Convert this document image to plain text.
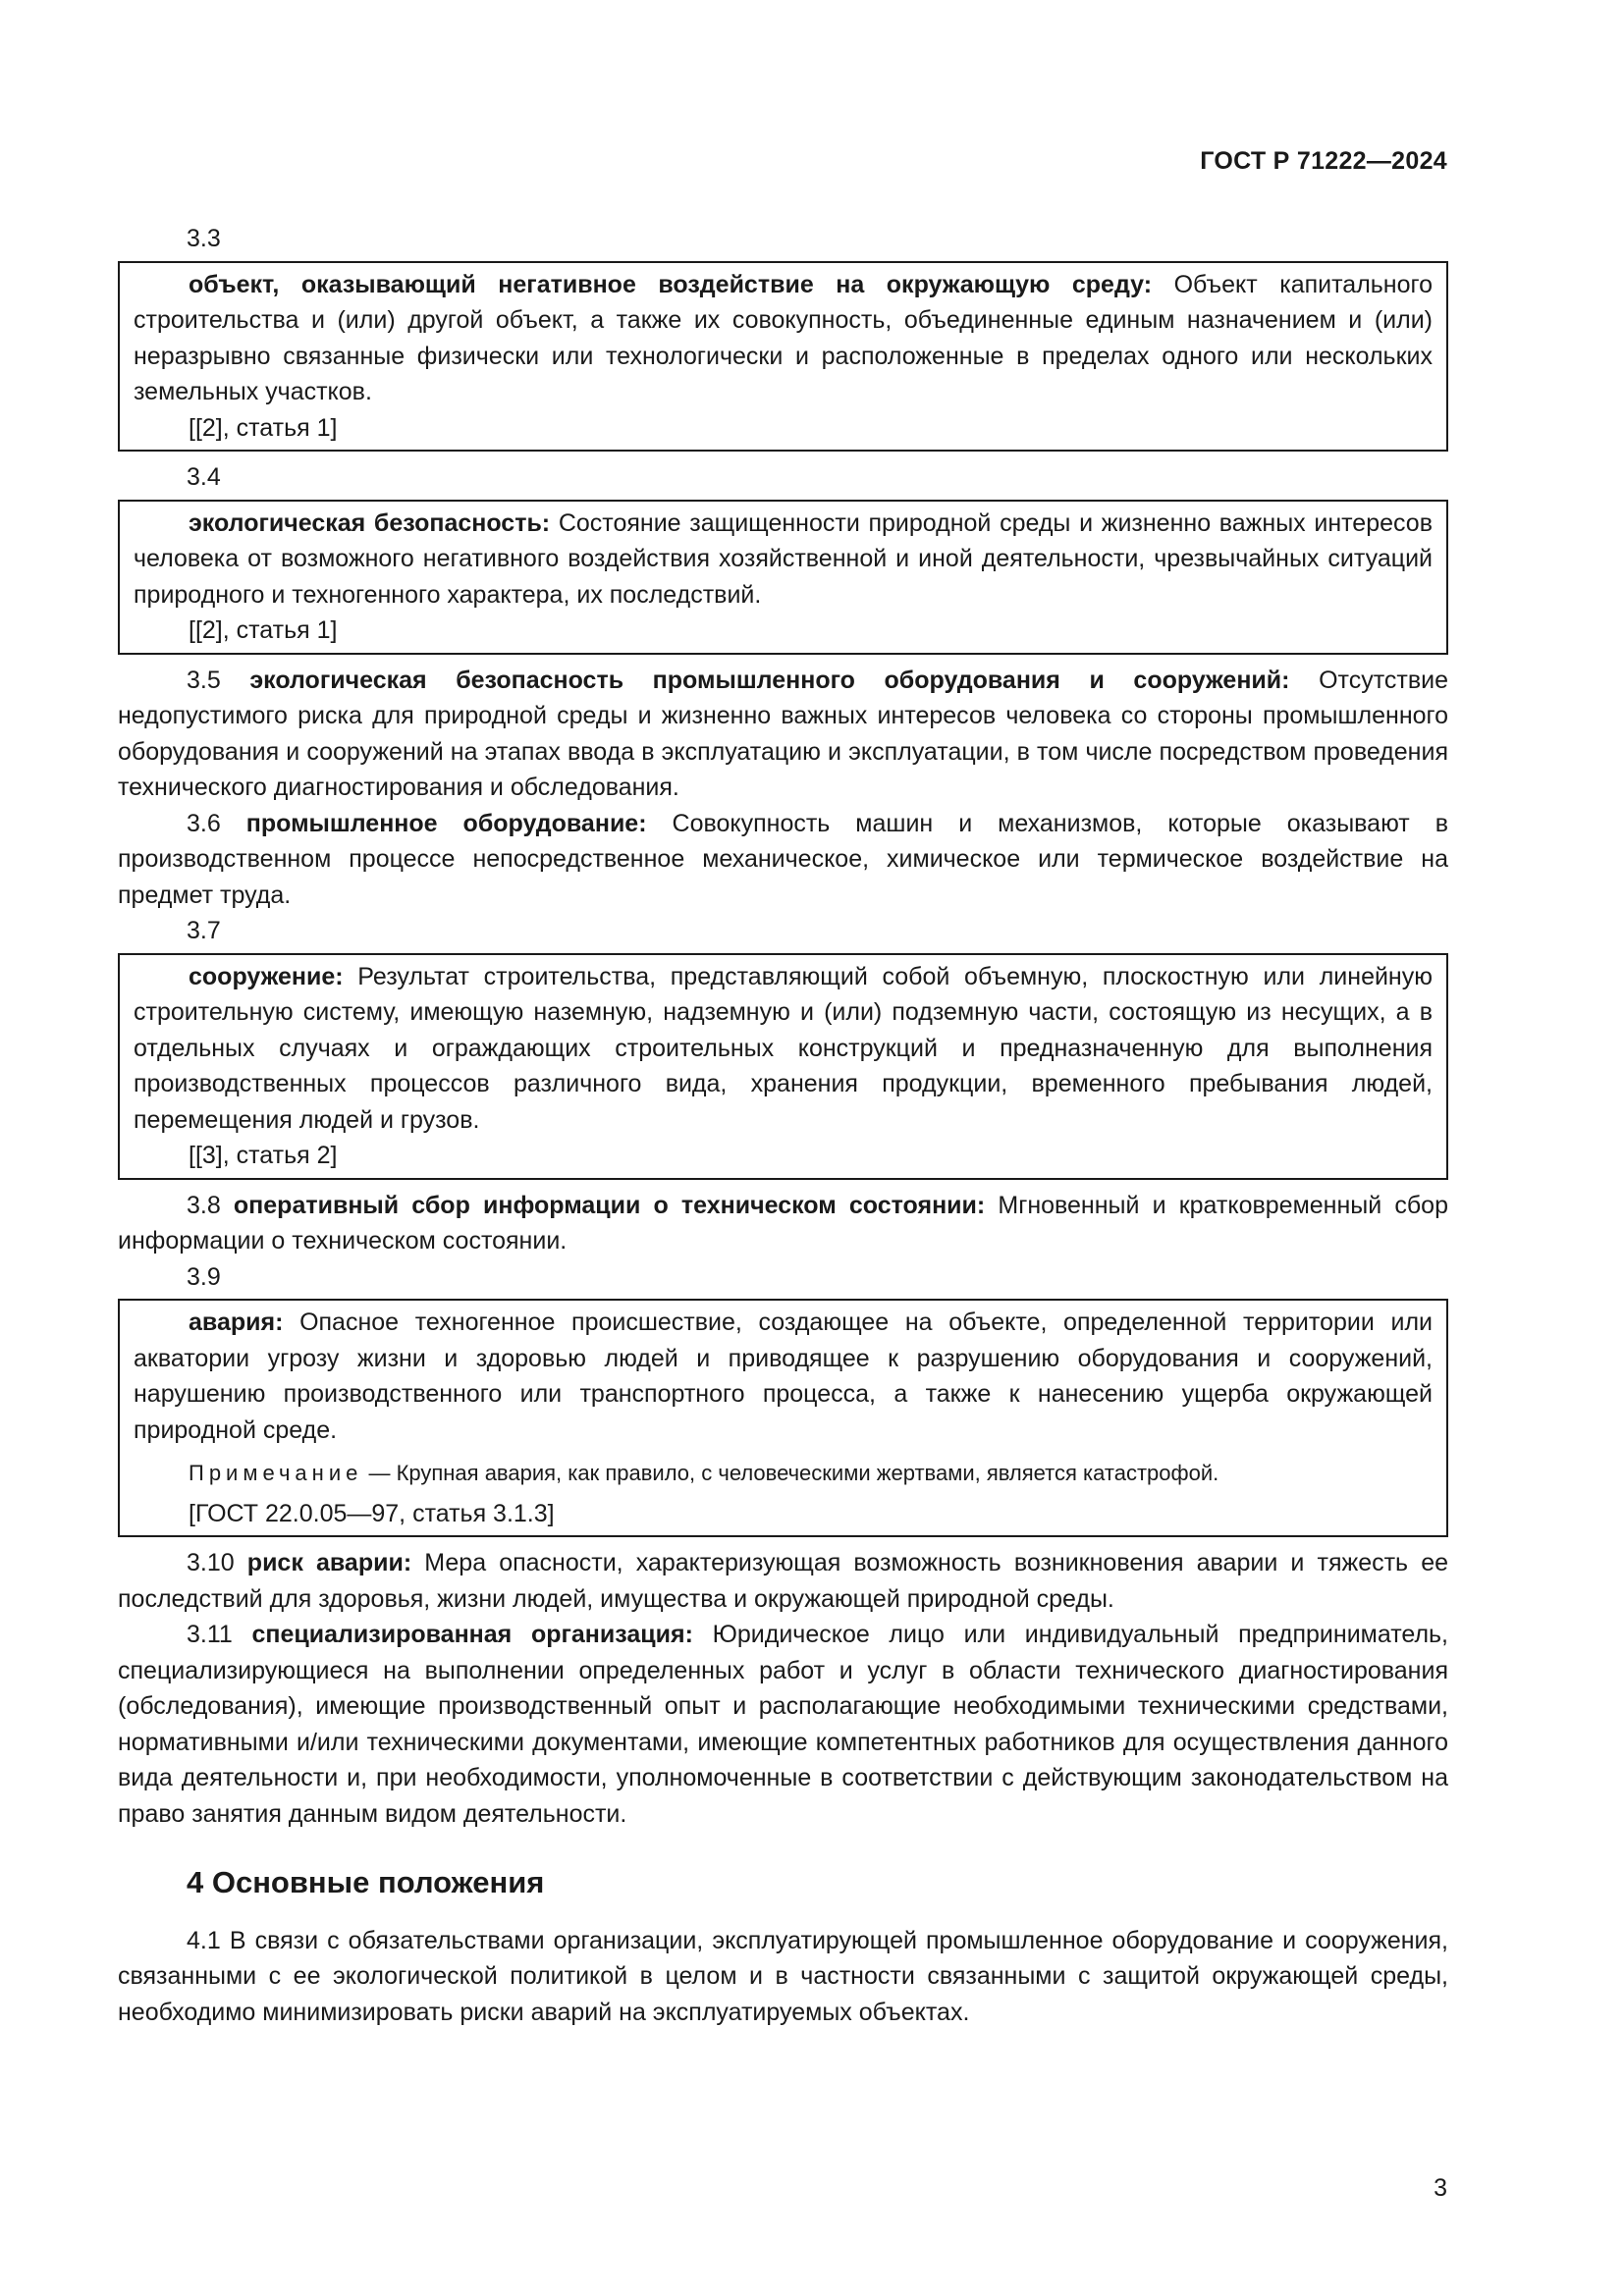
ГОСТ Р 71222—2024

3.3

объект, оказывающий негативное воздействие на окружающую среду: Объект капитального строительства и (или) другой объект, а также их совокупность, объединенные единым назначением и (или) неразрывно связанные физически или технологически и расположенные в пределах одного или нескольких земельных участков.

[[2], статья 1]

3.4

экологическая безопасность: Состояние защищенности природной среды и жизненно важных интересов человека от возможного негативного воздействия хозяйственной и иной деятельности, чрезвычайных ситуаций природного и техногенного характера, их последствий.

[[2], статья 1]

3.5 экологическая безопасность промышленного оборудования и сооружений: Отсутствие недопустимого риска для природной среды и жизненно важных интересов человека со стороны промышленного оборудования и сооружений на этапах ввода в эксплуатацию и эксплуатации, в том числе посредством проведения технического диагностирования и обследования.

3.6 промышленное оборудование: Совокупность машин и механизмов, которые оказывают в производственном процессе непосредственное механическое, химическое или термическое воздействие на предмет труда.

3.7

сооружение: Результат строительства, представляющий собой объемную, плоскостную или линейную строительную систему, имеющую наземную, надземную и (или) подземную части, состоящую из несущих, а в отдельных случаях и ограждающих строительных конструкций и предназначенную для выполнения производственных процессов различного вида, хранения продукции, временного пребывания людей, перемещения людей и грузов.

[[3], статья 2]

3.8 оперативный сбор информации о техническом состоянии: Мгновенный и кратковременный сбор информации о техническом состоянии.

3.9

авария: Опасное техногенное происшествие, создающее на объекте, определенной территории или акватории угрозу жизни и здоровью людей и приводящее к разрушению оборудования и сооружений, нарушению производственного или транспортного процесса, а также к нанесению ущерба окружающей природной среде.

Примечание — Крупная авария, как правило, с человеческими жертвами, является катастрофой.

[ГОСТ 22.0.05—97, статья 3.1.3]

3.10 риск аварии: Мера опасности, характеризующая возможность возникновения аварии и тяжесть ее последствий для здоровья, жизни людей, имущества и окружающей природной среды.

3.11 специализированная организация: Юридическое лицо или индивидуальный предприниматель, специализирующиеся на выполнении определенных работ и услуг в области технического диагностирования (обследования), имеющие производственный опыт и располагающие необходимыми техническими средствами, нормативными и/или техническими документами, имеющие компетентных работников для осуществления данного вида деятельности и, при необходимости, уполномоченные в соответствии с действующим законодательством на право занятия данным видом деятельности.

4 Основные положения

4.1 В связи с обязательствами организации, эксплуатирующей промышленное оборудование и сооружения, связанными с ее экологической политикой в целом и в частности связанными с защитой окружающей среды, необходимо минимизировать риски аварий на эксплуатируемых объектах.

3
